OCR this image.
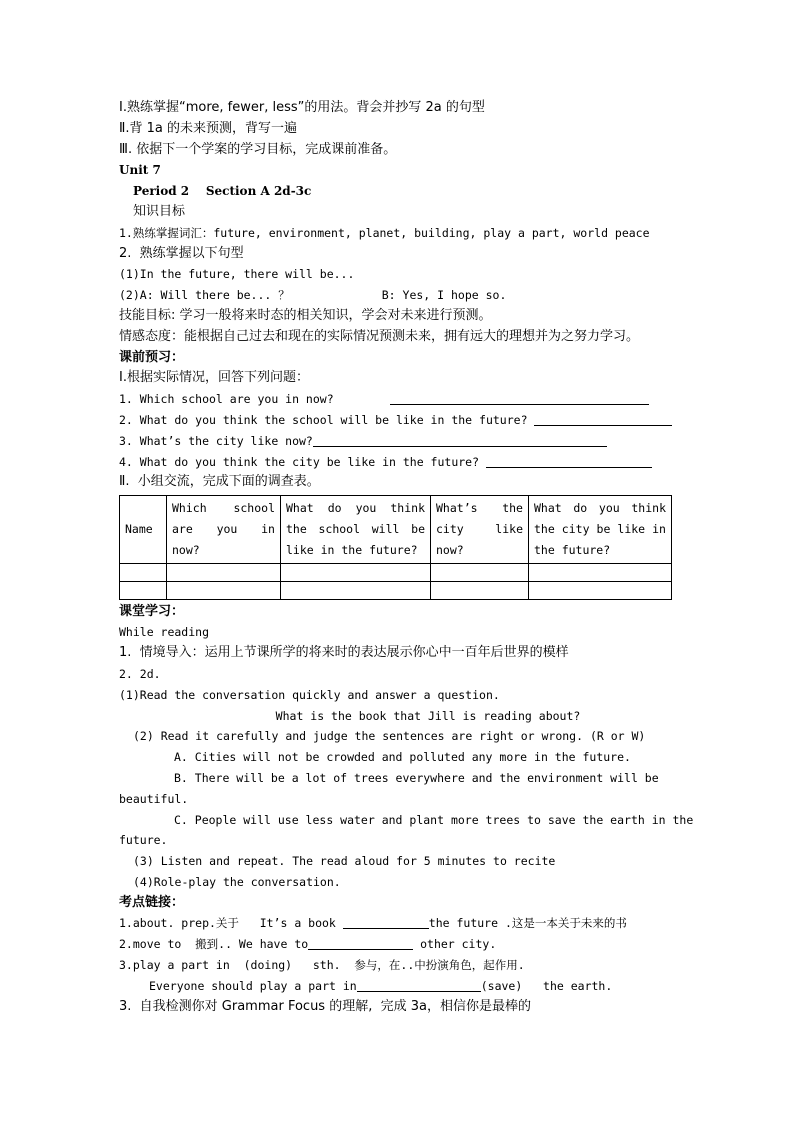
Ⅰ.熟练掌握“more, fewer, less”的用法。背会并抄写 2a 的句型
Ⅱ.背 1a 的未来预测，背写一遍
Ⅲ. 依据下一个学案的学习目标，完成课前准备。
Unit 7
Period 2    Section A 2d-3c
知识目标
1.熟练掌握词汇：future, environment, planet, building, play a part, world peace
2.  熟练掌握以下句型
(1)In the future, there will be...
(2)A: Will there be... ？	B: Yes, I hope so.
技能目标: 学习一般将来时态的相关知识，学会对未来进行预测。
情感态度：能根据自己过去和现在的实际情况预测未来，拥有远大的理想并为之努力学习。
课前预习：
I.根据实际情况，回答下列问题：
1. Which school are you in now?
2. What do you think the school will be like in the future?
3. What’s the city like now?
4. What do you think the city be like in the future?
Ⅱ.  小组交流，完成下面的调查表。
Name	Which school are you in now?	What do you think the school will be like in the future?	What’s the city like now?	What do you think the city be like in the future?

课堂学习：
While reading
1.  情境导入：运用上节课所学的将来时的表达展示你心中一百年后世界的模样
2. 2d.
(1)Read the conversation quickly and answer a question.
What is the book that Jill is reading about?
(2) Read it carefully and judge the sentences are right or wrong. (R or W)
A. Cities will not be crowded and polluted any more in the future.
B. There will be a lot of trees everywhere and the environment will be
beautiful.
C. People will use less water and plant more trees to save the earth in the
future.
(3) Listen and repeat. The read aloud for 5 minutes to recite
(4)Role-play the conversation.
考点链接：
1.about. prep.关于   It’s a book	the future .这是一本关于未来的书
2.move to  搬到.. We have to	other city.
3.play a part in  (doing)   sth.  参与，在..中扮演角色，起作用.
Everyone should play a part in	(save)   the earth.
3.  自我检测你对 Grammar Focus 的理解,  完成 3a，相信你是最棒的
